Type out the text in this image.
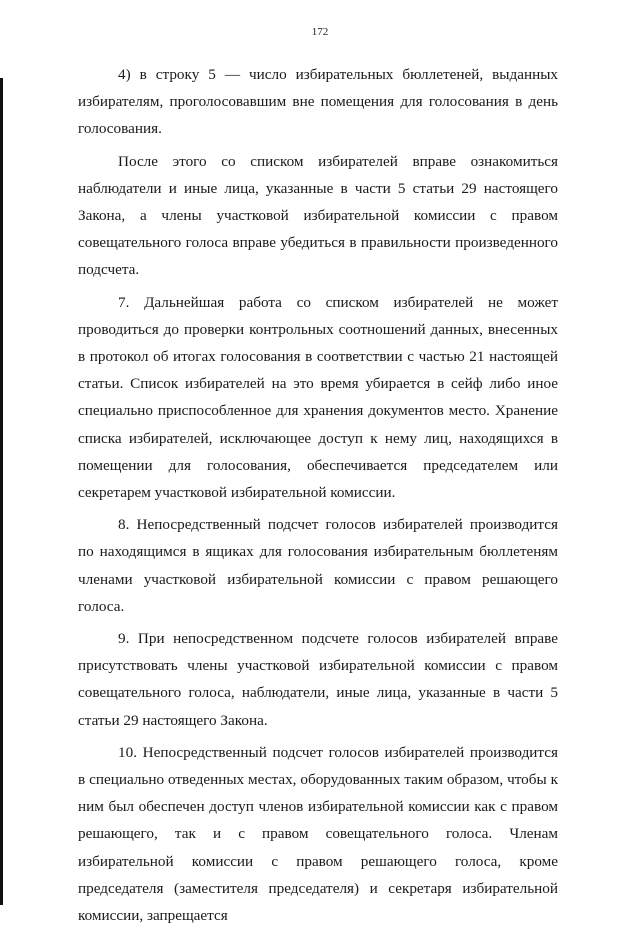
172

4) в строку 5 — число избирательных бюллетеней, выданных избирателям, проголосовавшим вне помещения для голосования в день голосования.

После этого со списком избирателей вправе ознакомиться наблюдатели и иные лица, указанные в части 5 статьи 29 настоящего Закона, а члены участковой избирательной комиссии с правом совещательного голоса вправе убедиться в правильности произведенного подсчета.

7. Дальнейшая работа со списком избирателей не может проводиться до проверки контрольных соотношений данных, внесенных в протокол об итогах голосования в соответствии с частью 21 настоящей статьи. Список избирателей на это время убирается в сейф либо иное специально приспособленное для хранения документов место. Хранение списка избирателей, исключающее доступ к нему лиц, находящихся в помещении для голосования, обеспечивается председателем или секретарем участковой избирательной комиссии.

8. Непосредственный подсчет голосов избирателей производится по находящимся в ящиках для голосования избирательным бюллетеням членами участковой избирательной комиссии с правом решающего голоса.

9. При непосредственном подсчете голосов избирателей вправе присутствовать члены участковой избирательной комиссии с правом совещательного голоса, наблюдатели, иные лица, указанные в части 5 статьи 29 настоящего Закона.

10. Непосредственный подсчет голосов избирателей производится в специально отведенных местах, оборудованных таким образом, чтобы к ним был обеспечен доступ членов избирательной комиссии как с правом решающего, так и с правом совещательного голоса. Членам избирательной комиссии с правом решающего голоса, кроме председателя (заместителя председателя) и секретаря избирательной комиссии, запрещается
